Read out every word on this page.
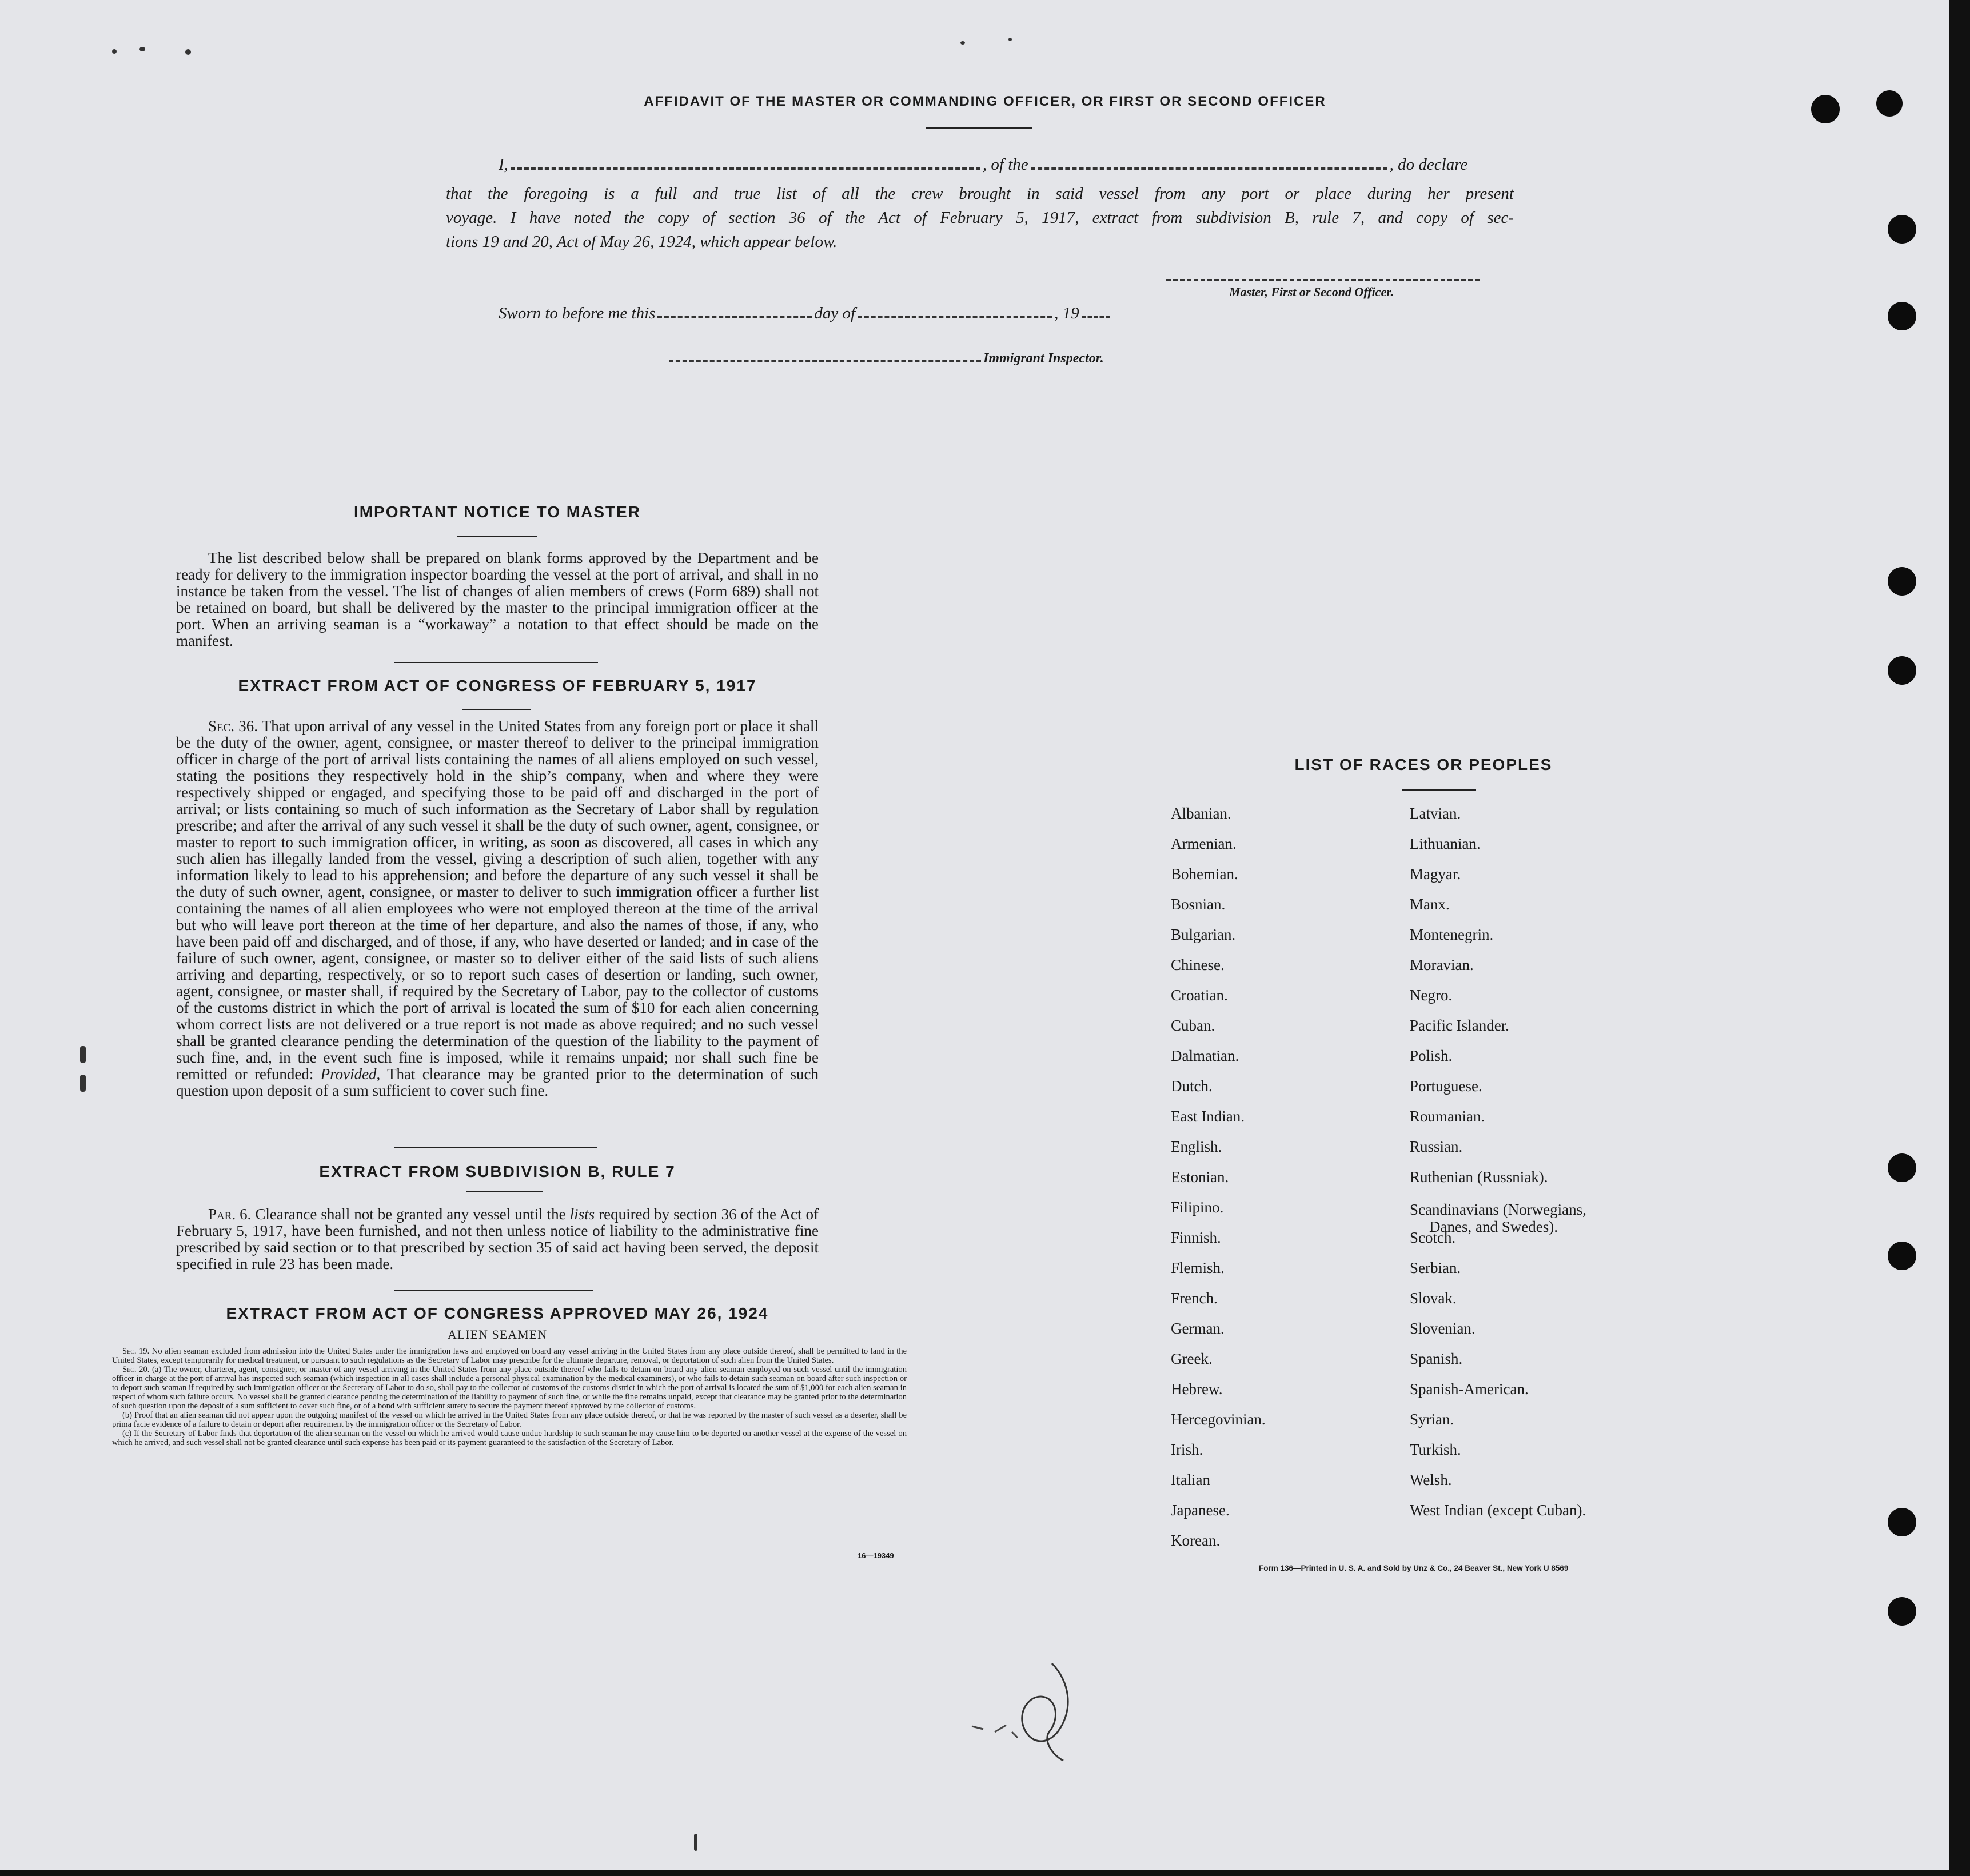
AFFIDAVIT OF THE MASTER OR COMMANDING OFFICER, OR FIRST OR SECOND OFFICER
I,	, of the	, do declare
that the foregoing is a full and true list of all the crew brought in said vessel from any port or place during her present
voyage. I have noted the copy of section 36 of the Act of February 5, 1917, extract from subdivision B, rule 7, and copy of sec-
tions 19 and 20, Act of May 26, 1924, which appear below.
Master, First or Second Officer.
Sworn to before me this	day of	, 19
Immigrant Inspector.
IMPORTANT NOTICE TO MASTER
The list described below shall be prepared on blank forms approved by the Department and be ready for delivery to the immigration inspector boarding the vessel at the port of arrival, and shall in no instance be taken from the vessel. The list of changes of alien members of crews (Form 689) shall not be retained on board, but shall be delivered by the master to the principal immigration officer at the port. When an arriving seaman is a “workaway” a notation to that effect should be made on the manifest.
EXTRACT FROM ACT OF CONGRESS OF FEBRUARY 5, 1917
Sec. 36. That upon arrival of any vessel in the United States from any foreign port or place it shall be the duty of the owner, agent, consignee, or master thereof to deliver to the principal immigration officer in charge of the port of arrival lists containing the names of all aliens employed on such vessel, stating the positions they respectively hold in the ship’s company, when and where they were respectively shipped or engaged, and specifying those to be paid off and discharged in the port of arrival; or lists containing so much of such information as the Secretary of Labor shall by regulation prescribe; and after the arrival of any such vessel it shall be the duty of such owner, agent, consignee, or master to report to such immigration officer, in writing, as soon as discovered, all cases in which any such alien has illegally landed from the vessel, giving a description of such alien, together with any information likely to lead to his apprehension; and before the departure of any such vessel it shall be the duty of such owner, agent, consignee, or master to deliver to such immigration officer a further list containing the names of all alien employees who were not employed thereon at the time of the arrival but who will leave port thereon at the time of her departure, and also the names of those, if any, who have been paid off and discharged, and of those, if any, who have deserted or landed; and in case of the failure of such owner, agent, consignee, or master so to deliver either of the said lists of such aliens arriving and departing, respectively, or so to report such cases of desertion or landing, such owner, agent, consignee, or master shall, if required by the Secretary of Labor, pay to the collector of customs of the customs district in which the port of arrival is located the sum of $10 for each alien concerning whom correct lists are not delivered or a true report is not made as above required; and no such vessel shall be granted clearance pending the determination of the question of the liability to the payment of such fine, and, in the event such fine is imposed, while it remains unpaid; nor shall such fine be remitted or refunded: Provided, That clearance may be granted prior to the determination of such question upon deposit of a sum sufficient to cover such fine.
EXTRACT FROM SUBDIVISION B, RULE 7
Par. 6. Clearance shall not be granted any vessel until the lists required by section 36 of the Act of February 5, 1917, have been furnished, and not then unless notice of liability to the administrative fine prescribed by said section or to that prescribed by section 35 of said act having been served, the deposit specified in rule 23 has been made.
EXTRACT FROM ACT OF CONGRESS APPROVED MAY 26, 1924
ALIEN SEAMEN
Sec. 19. No alien seaman excluded from admission into the United States under the immigration laws and employed on board any vessel arriving in the United States from any place outside thereof, shall be permitted to land in the United States, except temporarily for medical treatment, or pursuant to such regulations as the Secretary of Labor may prescribe for the ultimate departure, removal, or deportation of such alien from the United States.
Sec. 20. (a) The owner, charterer, agent, consignee, or master of any vessel arriving in the United States from any place outside thereof who fails to detain on board any alien seaman employed on such vessel until the immigration officer in charge at the port of arrival has inspected such seaman (which inspection in all cases shall include a personal physical examination by the medical examiners), or who fails to detain such seaman on board after such inspection or to deport such seaman if required by such immigration officer or the Secretary of Labor to do so, shall pay to the collector of customs of the customs district in which the port of arrival is located the sum of $1,000 for each alien seaman in respect of whom such failure occurs. No vessel shall be granted clearance pending the determination of the liability to payment of such fine, or while the fine remains unpaid, except that clearance may be granted prior to the determination of such question upon the deposit of a sum sufficient to cover such fine, or of a bond with sufficient surety to secure the payment thereof approved by the collector of customs.
(b) Proof that an alien seaman did not appear upon the outgoing manifest of the vessel on which he arrived in the United States from any place outside thereof, or that he was reported by the master of such vessel as a deserter, shall be prima facie evidence of a failure to detain or deport after requirement by the immigration officer or the Secretary of Labor.
(c) If the Secretary of Labor finds that deportation of the alien seaman on the vessel on which he arrived would cause undue hardship to such seaman he may cause him to be deported on another vessel at the expense of the vessel on which he arrived, and such vessel shall not be granted clearance until such expense has been paid or its payment guaranteed to the satisfaction of the Secretary of Labor.
16—19349
LIST OF RACES OR PEOPLES
Albanian.
Armenian.
Bohemian.
Bosnian.
Bulgarian.
Chinese.
Croatian.
Cuban.
Dalmatian.
Dutch.
East Indian.
English.
Estonian.
Filipino.
Finnish.
Flemish.
French.
German.
Greek.
Hebrew.
Hercegovinian.
Irish.
Italian
Japanese.
Korean.
Latvian.
Lithuanian.
Magyar.
Manx.
Montenegrin.
Moravian.
Negro.
Pacific Islander.
Polish.
Portuguese.
Roumanian.
Russian.
Ruthenian (Russniak).
Scandinavians (Norwegians,
Danes, and Swedes).
Scotch.
Serbian.
Slovak.
Slovenian.
Spanish.
Spanish-American.
Syrian.
Turkish.
Welsh.
West Indian (except Cuban).
Form 136—Printed in U. S. A. and Sold by Unz & Co., 24 Beaver St., New York U 8569
